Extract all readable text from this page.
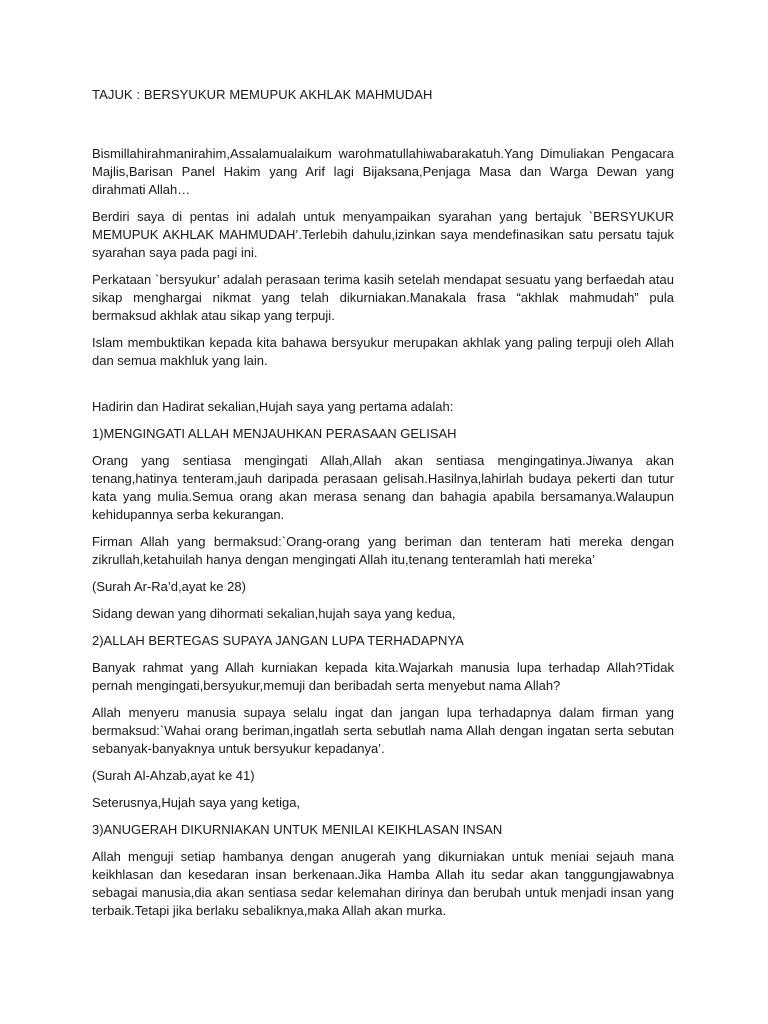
TAJUK : BERSYUKUR MEMUPUK AKHLAK MAHMUDAH

Bismillahirahmanirahim,Assalamualaikum warohmatullahiwabarakatuh.Yang Dimuliakan Pengacara Majlis,Barisan Panel Hakim yang Arif lagi Bijaksana,Penjaga Masa dan Warga Dewan yang dirahmati Allah…

Berdiri saya di pentas ini adalah untuk menyampaikan syarahan yang bertajuk `BERSYUKUR MEMUPUK AKHLAK MAHMUDAH’.Terlebih dahulu,izinkan saya mendefinasikan satu persatu tajuk syarahan saya pada pagi ini.

Perkataan `bersyukur’ adalah perasaan terima kasih setelah mendapat sesuatu yang berfaedah atau sikap menghargai nikmat yang telah dikurniakan.Manakala frasa “akhlak mahmudah” pula bermaksud akhlak atau sikap yang terpuji.

Islam membuktikan kepada kita bahawa bersyukur merupakan akhlak yang paling terpuji oleh Allah dan semua makhluk yang lain.

Hadirin dan Hadirat sekalian,Hujah saya yang pertama adalah:

1)MENGINGATI ALLAH MENJAUHKAN PERASAAN GELISAH

Orang yang sentiasa mengingati Allah,Allah akan sentiasa mengingatinya.Jiwanya akan tenang,hatinya tenteram,jauh daripada perasaan gelisah.Hasilnya,lahirlah budaya pekerti dan tutur kata yang mulia.Semua orang akan merasa senang dan bahagia apabila bersamanya.Walaupun kehidupannya serba kekurangan.

Firman Allah yang bermaksud:`Orang-orang yang beriman dan tenteram hati mereka dengan zikrullah,ketahuilah hanya dengan mengingati Allah itu,tenang tenteramlah hati mereka’

(Surah Ar-Ra’d,ayat ke 28)

Sidang dewan yang dihormati sekalian,hujah saya yang kedua,

2)ALLAH BERTEGAS SUPAYA JANGAN LUPA TERHADAPNYA

Banyak rahmat yang Allah kurniakan kepada kita.Wajarkah manusia lupa terhadap Allah?Tidak pernah mengingati,bersyukur,memuji dan beribadah serta menyebut nama Allah?

Allah menyeru manusia supaya selalu ingat dan jangan lupa terhadapnya dalam firman yang bermaksud:`Wahai orang beriman,ingatlah serta sebutlah nama Allah dengan ingatan serta sebutan sebanyak-banyaknya untuk bersyukur kepadanya’.

(Surah Al-Ahzab,ayat ke 41)

Seterusnya,Hujah saya yang ketiga,

3)ANUGERAH DIKURNIAKAN UNTUK MENILAI KEIKHLASAN INSAN

Allah menguji setiap hambanya dengan anugerah yang dikurniakan untuk meniai sejauh mana keikhlasan dan kesedaran insan berkenaan.Jika Hamba Allah itu sedar akan tanggungjawabnya sebagai manusia,dia akan sentiasa sedar kelemahan dirinya dan berubah untuk menjadi insan yang terbaik.Tetapi jika berlaku sebaliknya,maka Allah akan murka.
